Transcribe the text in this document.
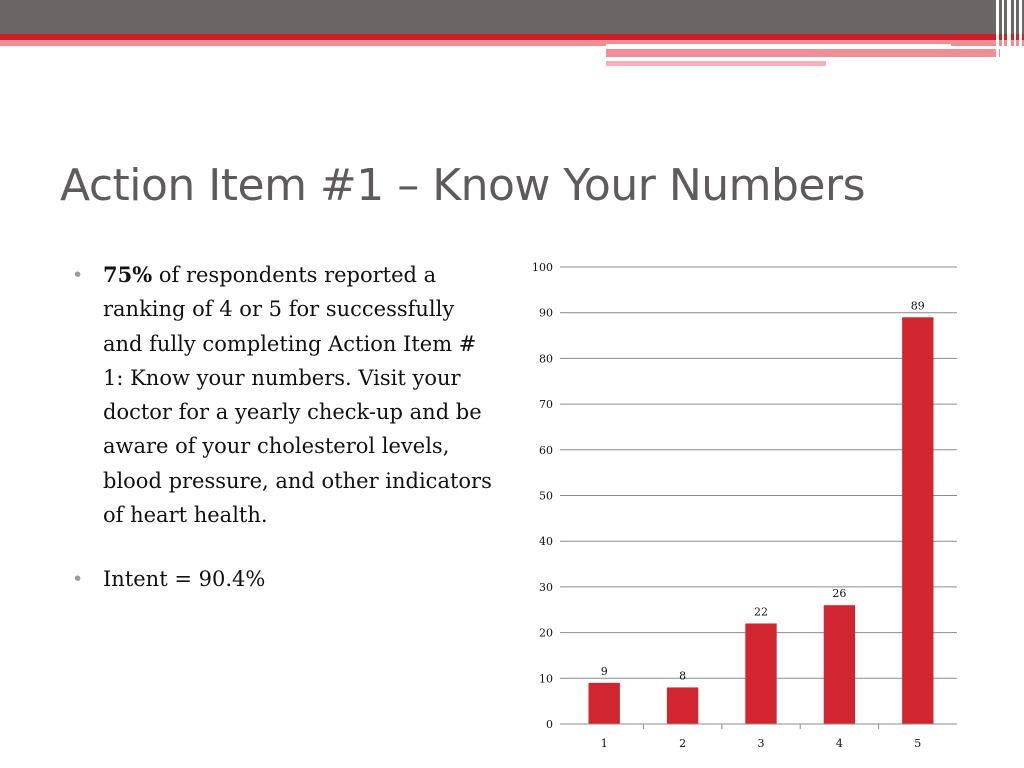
Action Item #1 – Know Your Numbers
• 75% of respondents reported a ranking of 4 or 5 for successfully and fully completing Action Item # 1: Know your numbers. Visit your doctor for a yearly check-up and be aware of your cholesterol levels, blood pressure, and other indicators of heart health.
• Intent = 90.4%
0
10
20
30
40
50
60
70
80
90
100
9	8
22
26
89
1	2	3	4	5
